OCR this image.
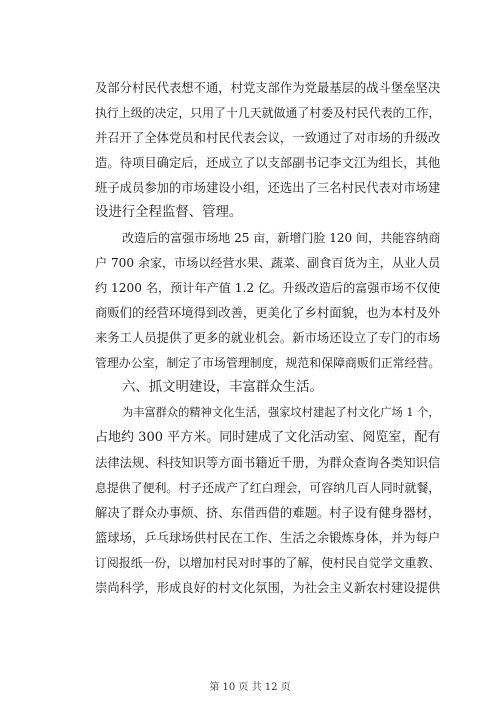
及部分村民代表想不通，村党支部作为党最基层的战斗堡垒坚决
执行上级的决定，只用了十几天就做通了村委及村民代表的工作，
并召开了全体党员和村民代表会议，一致通过了对市场的升级改
造。待项目确定后，还成立了以支部副书记李文江为组长，其他
班子成员参加的市场建设小组，还选出了三名村民代表对市场建
设进行全程监督、管理。
改造后的富强市场地 25 亩，新增门脸 120 间，共能容纳商
户 700 余家，市场以经营水果、蔬菜、副食百货为主，从业人员
约 1200 名，预计年产值 1.2 亿。升级改造后的富强市场不仅使
商贩们的经营环境得到改善，更美化了乡村面貌，也为本村及外
来务工人员提供了更多的就业机会。新市场还设立了专门的市场
管理办公室，制定了市场管理制度，规范和保障商贩们正常经营。
六、抓文明建设，丰富群众生活。
为丰富群众的精神文化生活，强家坟村建起了村文化广场 1 个，
占地约 300 平方米。同时建成了文化活动室、阅览室，配有
法律法规、科技知识等方面书籍近千册，为群众查询各类知识信
息提供了便利。村子还成产了红白理会，可容纳几百人同时就餐，
解决了群众办事烦、挤、东借西借的难题。村子设有健身器材，
篮球场，乒乓球场供村民在工作、生活之余锻炼身体，并为每户
订阅报纸一份，以增加村民对时事的了解，使村民自觉学文重教、
崇尚科学，形成良好的村文化氛围，为社会主义新农村建设提供
第 10 页 共 12 页
